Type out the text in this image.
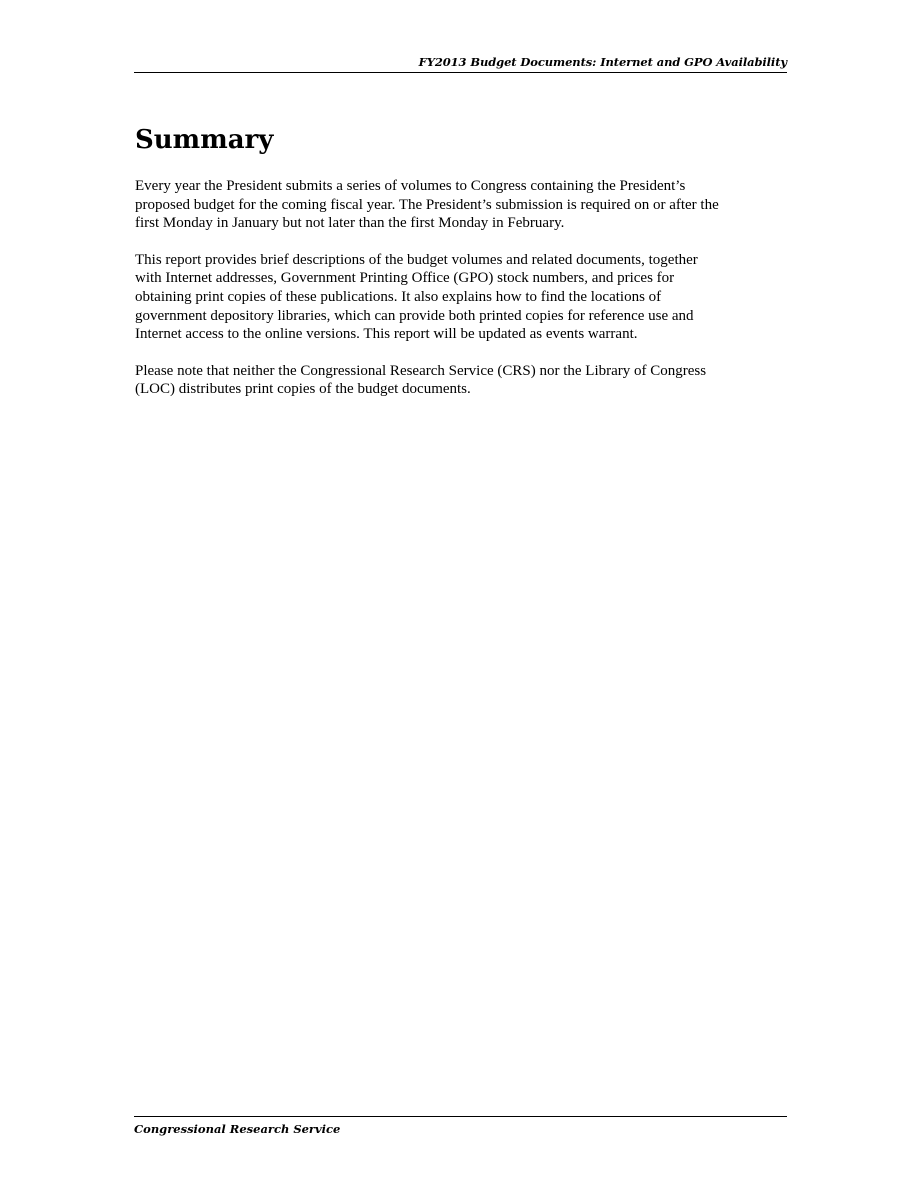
FY2013 Budget Documents: Internet and GPO Availability
Summary

Every year the President submits a series of volumes to Congress containing the President’s
proposed budget for the coming fiscal year. The President’s submission is required on or after the
first Monday in January but not later than the first Monday in February.

This report provides brief descriptions of the budget volumes and related documents, together
with Internet addresses, Government Printing Office (GPO) stock numbers, and prices for
obtaining print copies of these publications. It also explains how to find the locations of
government depository libraries, which can provide both printed copies for reference use and
Internet access to the online versions. This report will be updated as events warrant.

Please note that neither the Congressional Research Service (CRS) nor the Library of Congress
(LOC) distributes print copies of the budget documents.

Congressional Research Service
